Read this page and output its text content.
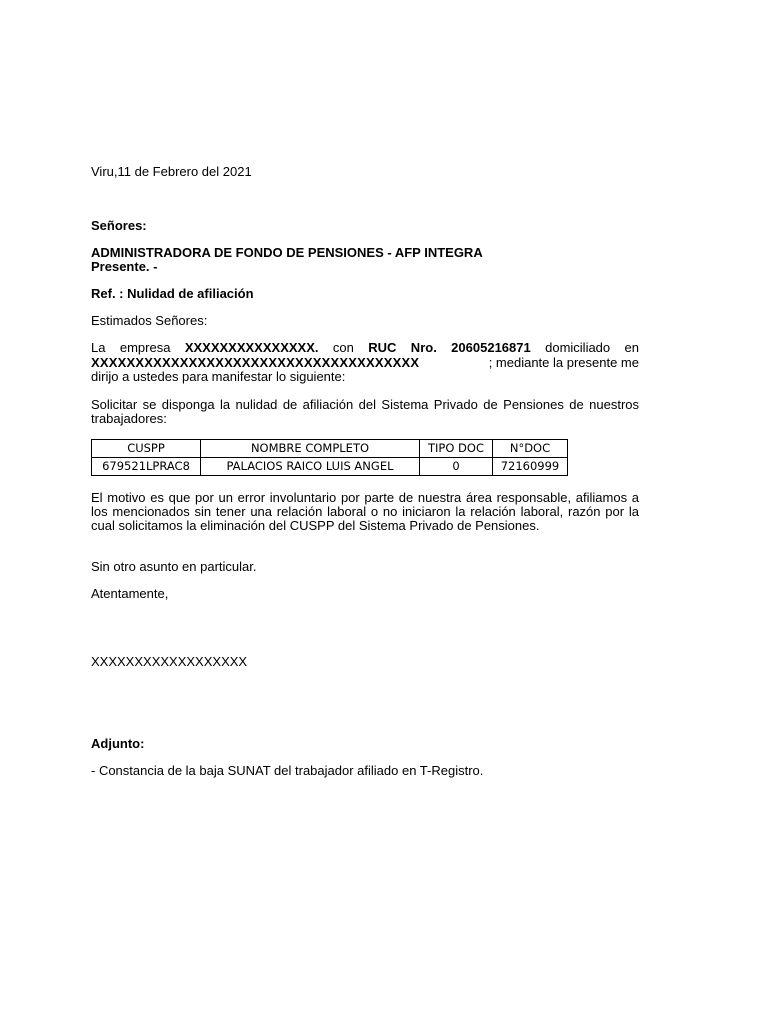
Viru,11 de Febrero del 2021
Señores:
ADMINISTRADORA DE FONDO DE PENSIONES - AFP INTEGRA
Presente. -
Ref. : Nulidad de afiliación
Estimados Señores:
La empresa XXXXXXXXXXXXXXX. con RUC Nro. 20605216871 domiciliado en
XXXXXXXXXXXXXXXXXXXXXXXXXXXXXXXXXXXXX	; mediante la presente me
dirijo a ustedes para manifestar lo siguiente:
Solicitar se disponga la nulidad de afiliación del Sistema Privado de Pensiones de nuestros trabajadores:
CUSPP	NOMBRE COMPLETO	TIPO DOC	N°DOC
679521LPRAC8	PALACIOS RAICO LUIS ANGEL	0	72160999
El motivo es que por un error involuntario por parte de nuestra área responsable, afiliamos a los mencionados sin tener una relación laboral o no iniciaron la relación laboral, razón por la cual solicitamos la eliminación del CUSPP del Sistema Privado de Pensiones.
Sin otro asunto en particular.
Atentamente,
XXXXXXXXXXXXXXXXXX
Adjunto:
- Constancia de la baja SUNAT del trabajador afiliado en T-Registro.
